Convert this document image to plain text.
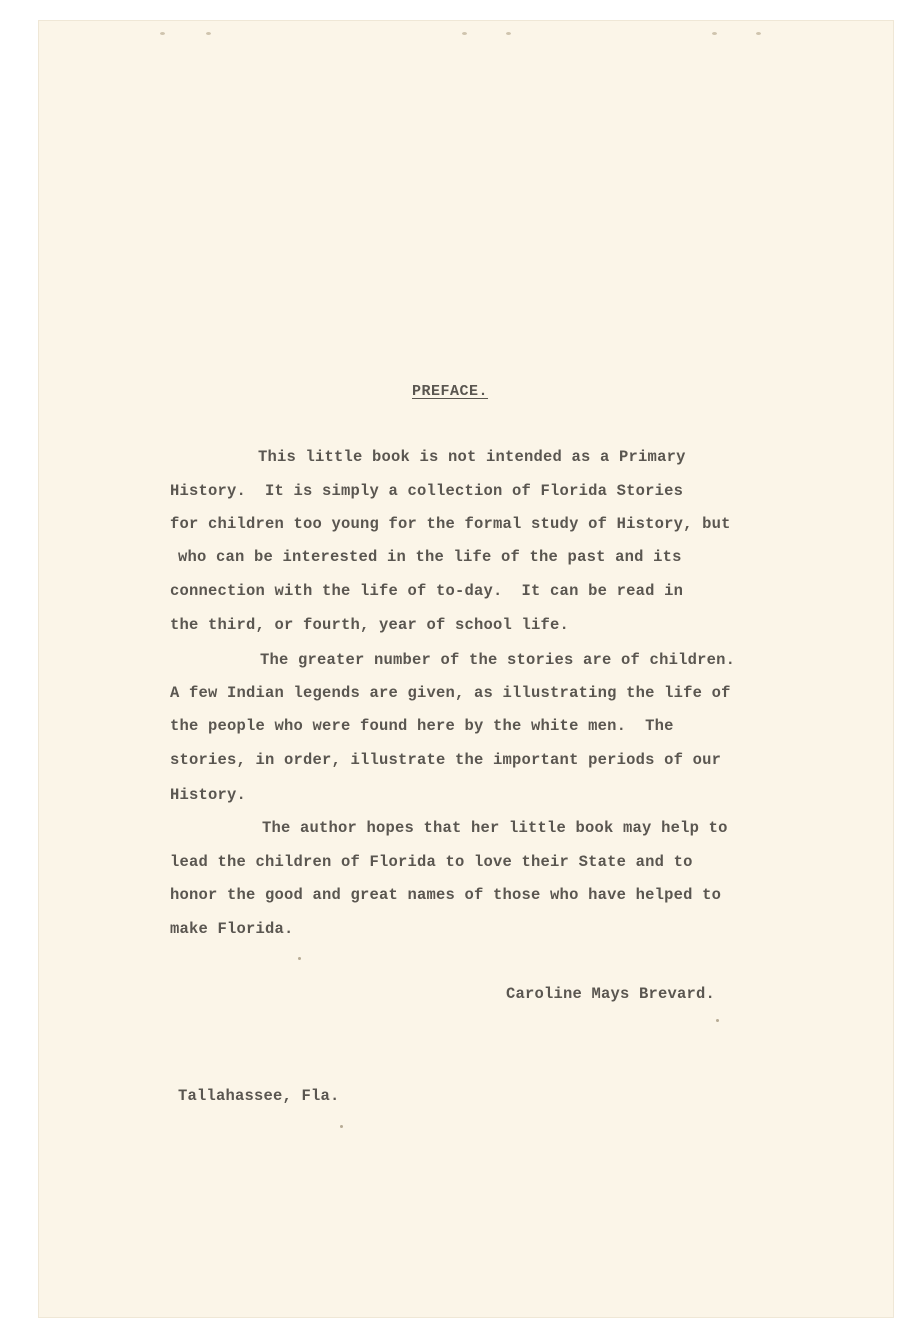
PREFACE.
This little book is not intended as a Primary
History.  It is simply a collection of Florida Stories
for children too young for the formal study of History, but
who can be interested in the life of the past and its
connection with the life of to-day.  It can be read in
the third, or fourth, year of school life.
The greater number of the stories are of children.
A few Indian legends are given, as illustrating the life of
the people who were found here by the white men.  The
stories, in order, illustrate the important periods of our
History.
The author hopes that her little book may help to
lead the children of Florida to love their State and to
honor the good and great names of those who have helped to
make Florida.
Caroline Mays Brevard.
Tallahassee, Fla.
